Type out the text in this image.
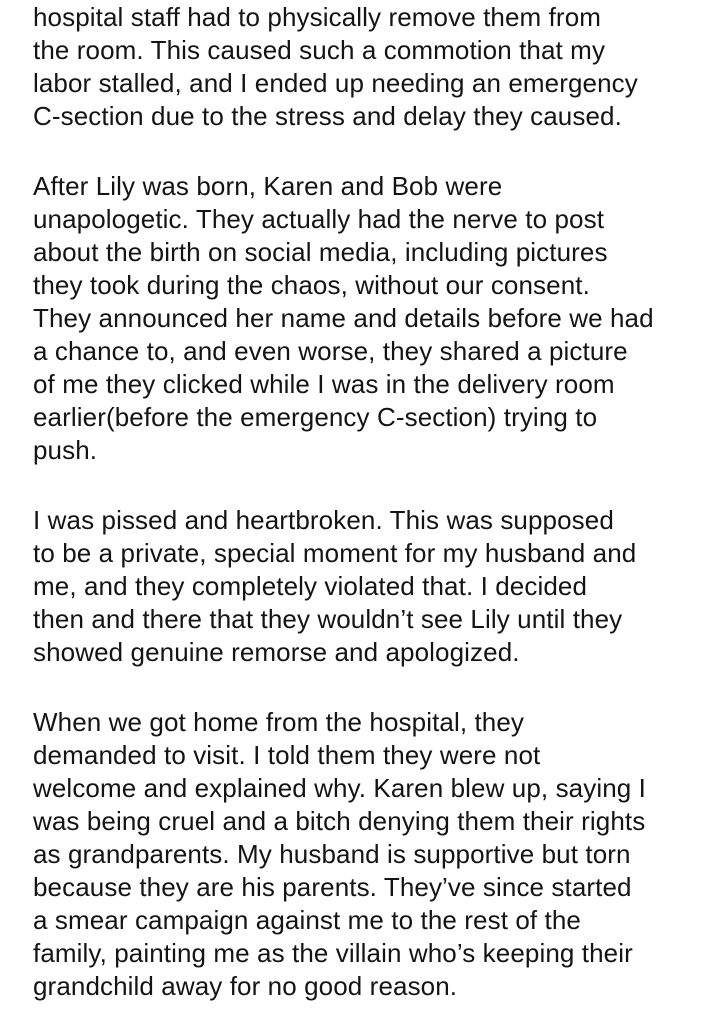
hospital staff had to physically remove them from
the room. This caused such a commotion that my
labor stalled, and I ended up needing an emergency
C-section due to the stress and delay they caused.
After Lily was born, Karen and Bob were
unapologetic. They actually had the nerve to post
about the birth on social media, including pictures
they took during the chaos, without our consent.
They announced her name and details before we had
a chance to, and even worse, they shared a picture
of me they clicked while I was in the delivery room
earlier(before the emergency C-section) trying to
push.
I was pissed and heartbroken. This was supposed
to be a private, special moment for my husband and
me, and they completely violated that. I decided
then and there that they wouldn’t see Lily until they
showed genuine remorse and apologized.
When we got home from the hospital, they
demanded to visit. I told them they were not
welcome and explained why. Karen blew up, saying I
was being cruel and a bitch denying them their rights
as grandparents. My husband is supportive but torn
because they are his parents. They’ve since started
a smear campaign against me to the rest of the
family, painting me as the villain who’s keeping their
grandchild away for no good reason.
